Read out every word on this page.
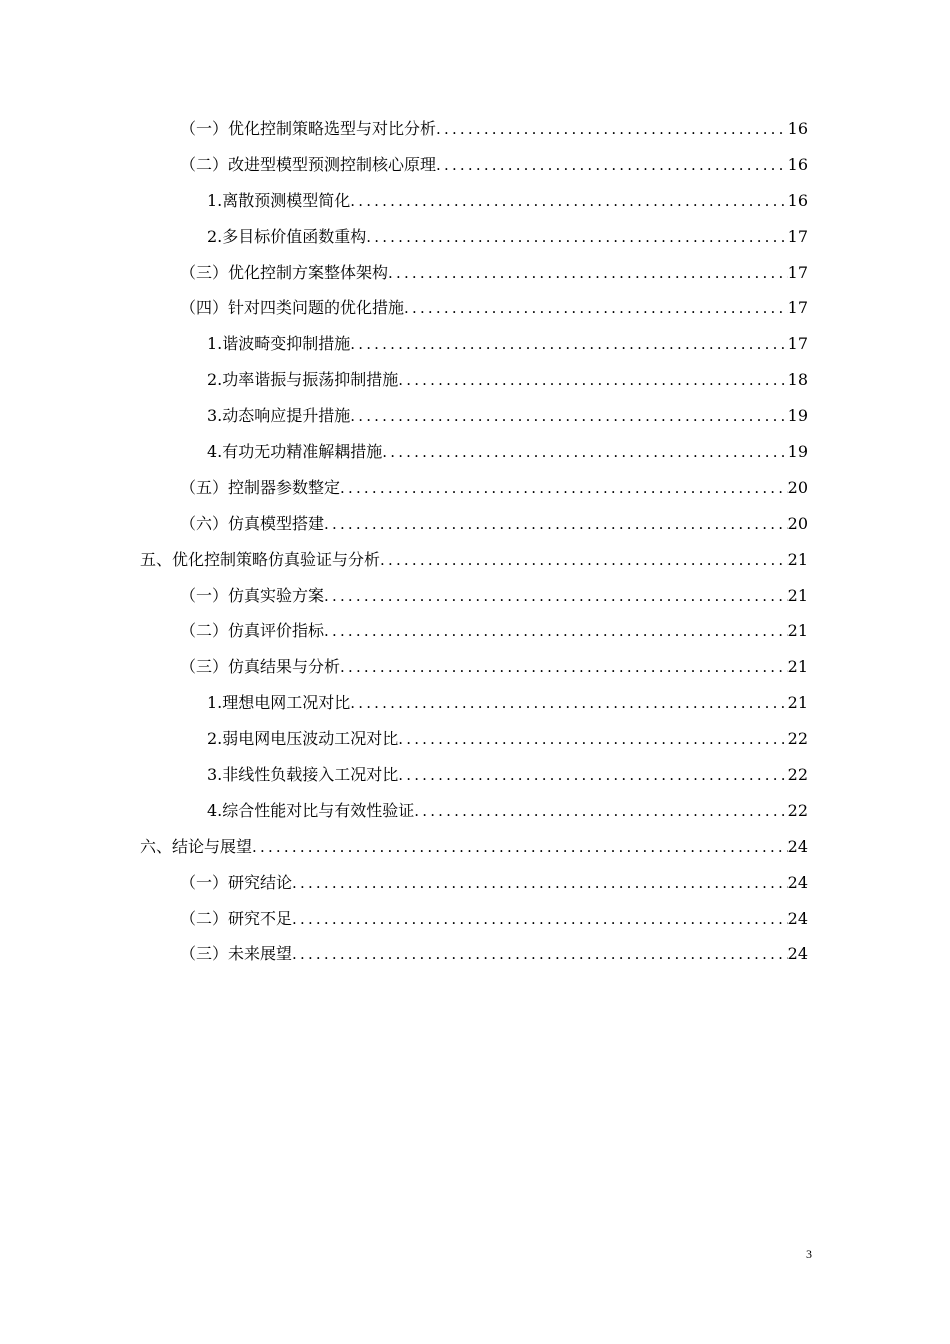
（一）优化控制策略选型与对比分析 .....	16
（二）改进型模型预测控制核心原理 .....	16
1.离散预测模型简化 .....	16
2.多目标价值函数重构 .....	17
（三）优化控制方案整体架构 .....	17
（四）针对四类问题的优化措施 .....	17
1.谐波畸变抑制措施 .....	17
2.功率谐振与振荡抑制措施 .....	18
3.动态响应提升措施 .....	19
4.有功无功精准解耦措施 .....	19
（五）控制器参数整定 .....	20
（六）仿真模型搭建 .....	20
五、优化控制策略仿真验证与分析 .....	21
（一）仿真实验方案 .....	21
（二）仿真评价指标 .....	21
（三）仿真结果与分析 .....	21
1.理想电网工况对比 .....	21
2.弱电网电压波动工况对比 .....	22
3.非线性负载接入工况对比 .....	22
4.综合性能对比与有效性验证 .....	22
六、结论与展望 .....	24
（一）研究结论 .....	24
（二）研究不足 .....	24
（三）未来展望 .....	24
3
